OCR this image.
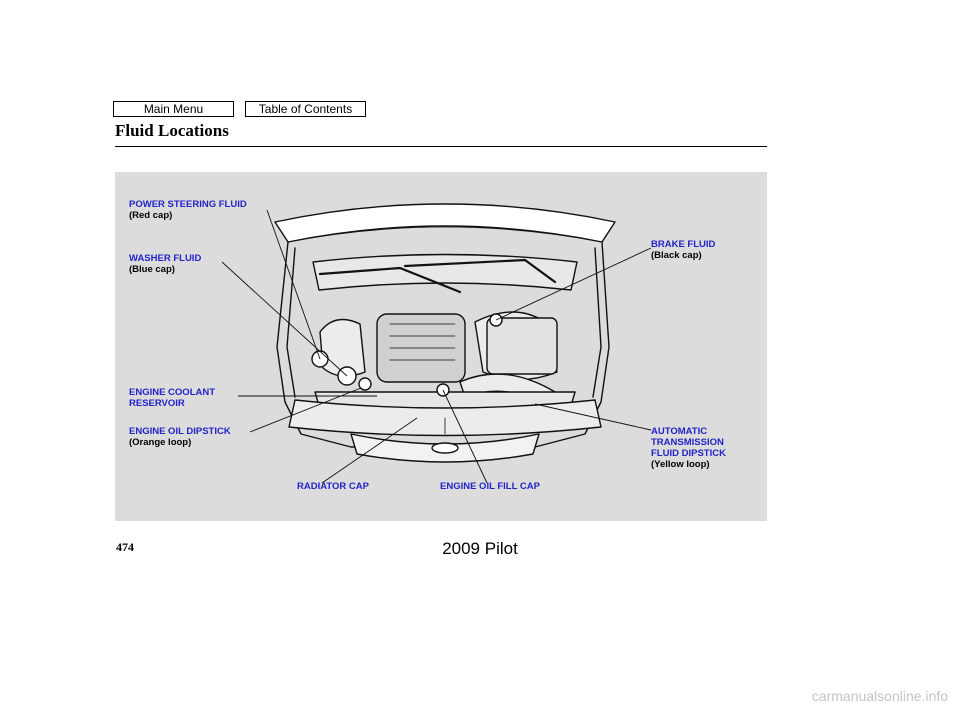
Main Menu	Table of Contents
Fluid Locations

POWER STEERING FLUID

(Red cap)

WASHER FLUID

(Blue cap)

ENGINE COOLANT

RESERVOIR

ENGINE OIL DIPSTICK

(Orange loop)

RADIATOR CAP	ENGINE OIL FILL CAP

BRAKE FLUID

(Black cap)

AUTOMATIC

TRANSMISSION

FLUID DIPSTICK

(Yellow loop)

474	2009 Pilot
carmanualsonline.info
